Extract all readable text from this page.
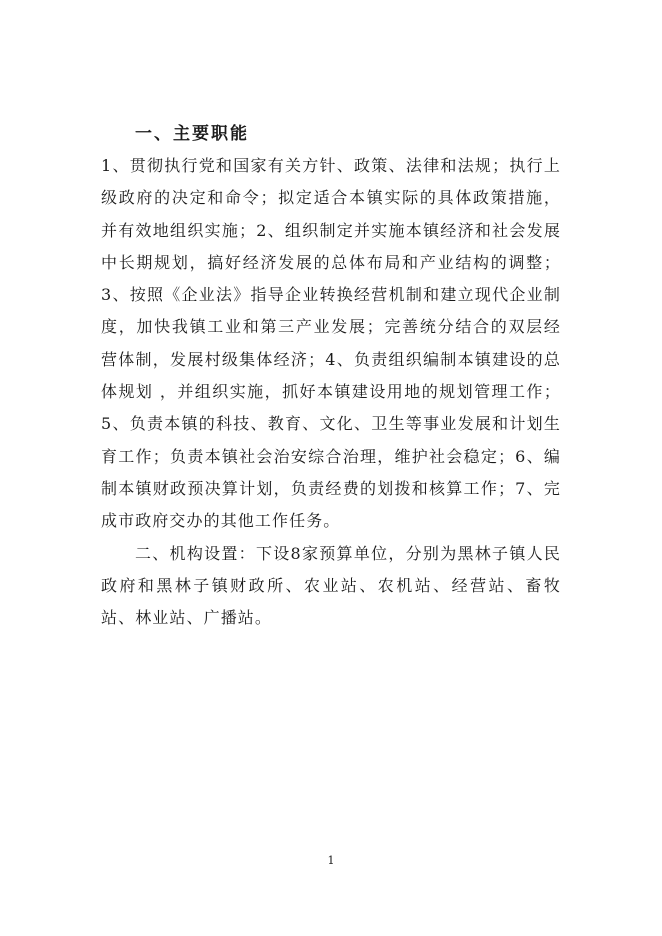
一、主要职能

1、贯彻执行党和国家有关方针、政策、法律和法规；执行上级政府的决定和命令；拟定适合本镇实际的具体政策措施，并有效地组织实施；2、组织制定并实施本镇经济和社会发展中长期规划，搞好经济发展的总体布局和产业结构的调整；3、按照《企业法》指导企业转换经营机制和建立现代企业制度，加快我镇工业和第三产业发展；完善统分结合的双层经营体制，发展村级集体经济；4、负责组织编制本镇建设的总体规划 ，并组织实施，抓好本镇建设用地的规划管理工作；5、负责本镇的科技、教育、文化、卫生等事业发展和计划生育工作；负责本镇社会治安综合治理，维护社会稳定；6、编制本镇财政预决算计划，负责经费的划拨和核算工作；7、完成市政府交办的其他工作任务。

二、机构设置：下设8家预算单位，分别为黑林子镇人民政府和黑林子镇财政所、农业站、农机站、经营站、畜牧站、林业站、广播站。

1
